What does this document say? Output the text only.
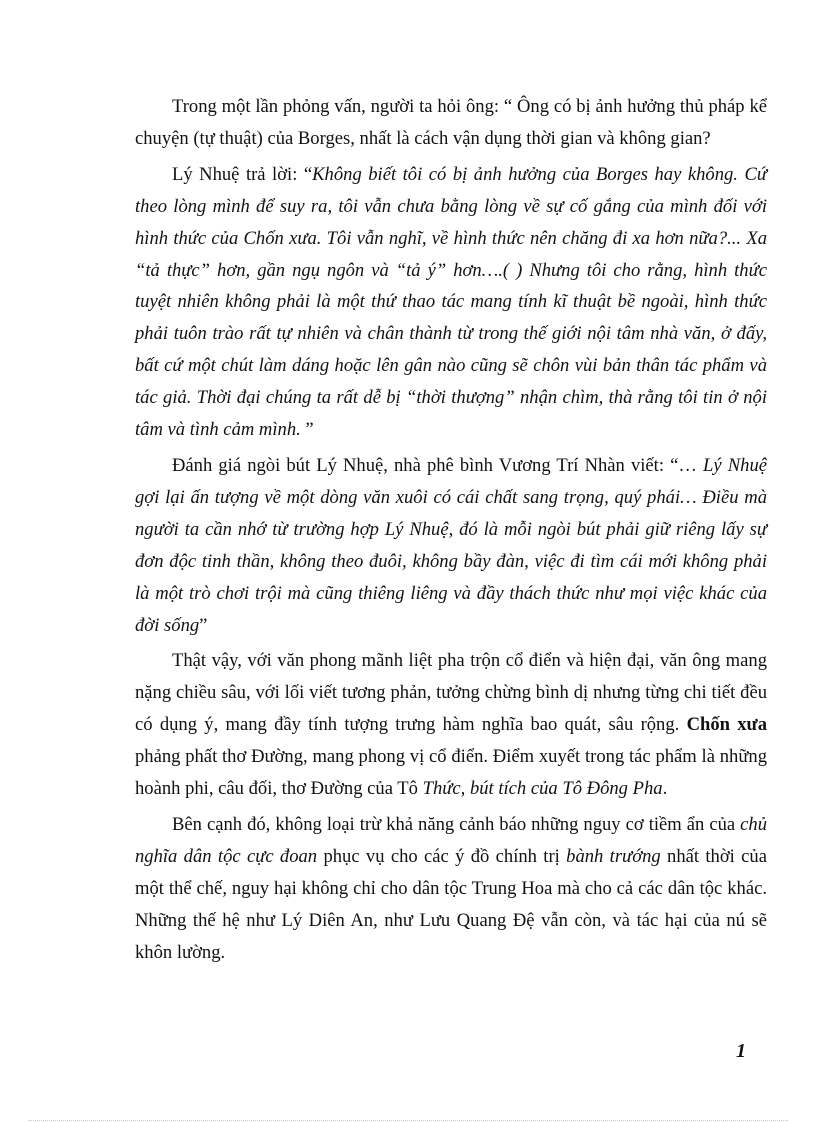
Trong một lần phỏng vấn, người ta hỏi ông: “ Ông có bị ảnh hưởng thủ pháp kể chuyện (tự thuật) của Borges, nhất là cách vận dụng thời gian và không gian?

Lý Nhuệ trả lời: “Không biết tôi có bị ảnh hưởng của Borges hay không. Cứ theo lòng mình để suy ra, tôi vẫn chưa bằng lòng về sự cố gắng của mình đối với hình thức của Chốn xưa. Tôi vẫn nghĩ, về hình thức nên chăng đi xa hơn nữa?... Xa “tả thực” hơn, gần ngụ ngôn và “tả ý” hơn….( ) Nhưng tôi cho rằng, hình thức tuyệt nhiên không phải là một thứ thao tác mang tính kĩ thuật bề ngoài, hình thức phải tuôn trào rất tự nhiên và chân thành từ trong thế giới nội tâm nhà văn, ở đấy, bất cứ một chút làm dáng hoặc lên gân nào cũng sẽ chôn vùi bản thân tác phẩm và tác giả. Thời đại chúng ta rất dễ bị “thời thượng” nhận chìm, thà rằng tôi tin ở nội tâm và tình cảm mình. ”

Đánh giá ngòi bút Lý Nhuệ, nhà phê bình Vương Trí Nhàn viết: “… Lý Nhuệ gợi lại ấn tượng về một dòng văn xuôi có cái chất sang trọng, quý phái… Điều mà người ta cần nhớ từ trường hợp Lý Nhuệ, đó là mỗi ngòi bút phải giữ riêng lấy sự đơn độc tinh thần, không theo đuôi, không bầy đàn, việc đi tìm cái mới không phải là một trò chơi trội mà cũng thiêng liêng và đầy thách thức như mọi việc khác của đời sống”

Thật vậy, với văn phong mãnh liệt pha trộn cổ điển và hiện đại, văn ông mang nặng chiều sâu, với lối viết tương phản, tưởng chừng bình dị nhưng từng chi tiết đều có dụng ý, mang đầy tính tượng trưng hàm nghĩa bao quát, sâu rộng. Chốn xưa phảng phất thơ Đường, mang phong vị cổ điển. Điểm xuyết trong tác phẩm là những hoành phi, câu đối, thơ Đường của Tô Thức, bút tích của Tô Đông Pha.

Bên cạnh đó, không loại trừ khả năng cảnh báo những nguy cơ tiềm ẩn của chủ nghĩa dân tộc cực đoan phục vụ cho các ý đồ chính trị bành trướng nhất thời của một thể chế, nguy hại không chỉ cho dân tộc Trung Hoa mà cho cả các dân tộc khác. Những thế hệ như Lý Diên An, như Lưu Quang Đệ vẫn còn, và tác hại của nú sẽ khôn lường.

1
